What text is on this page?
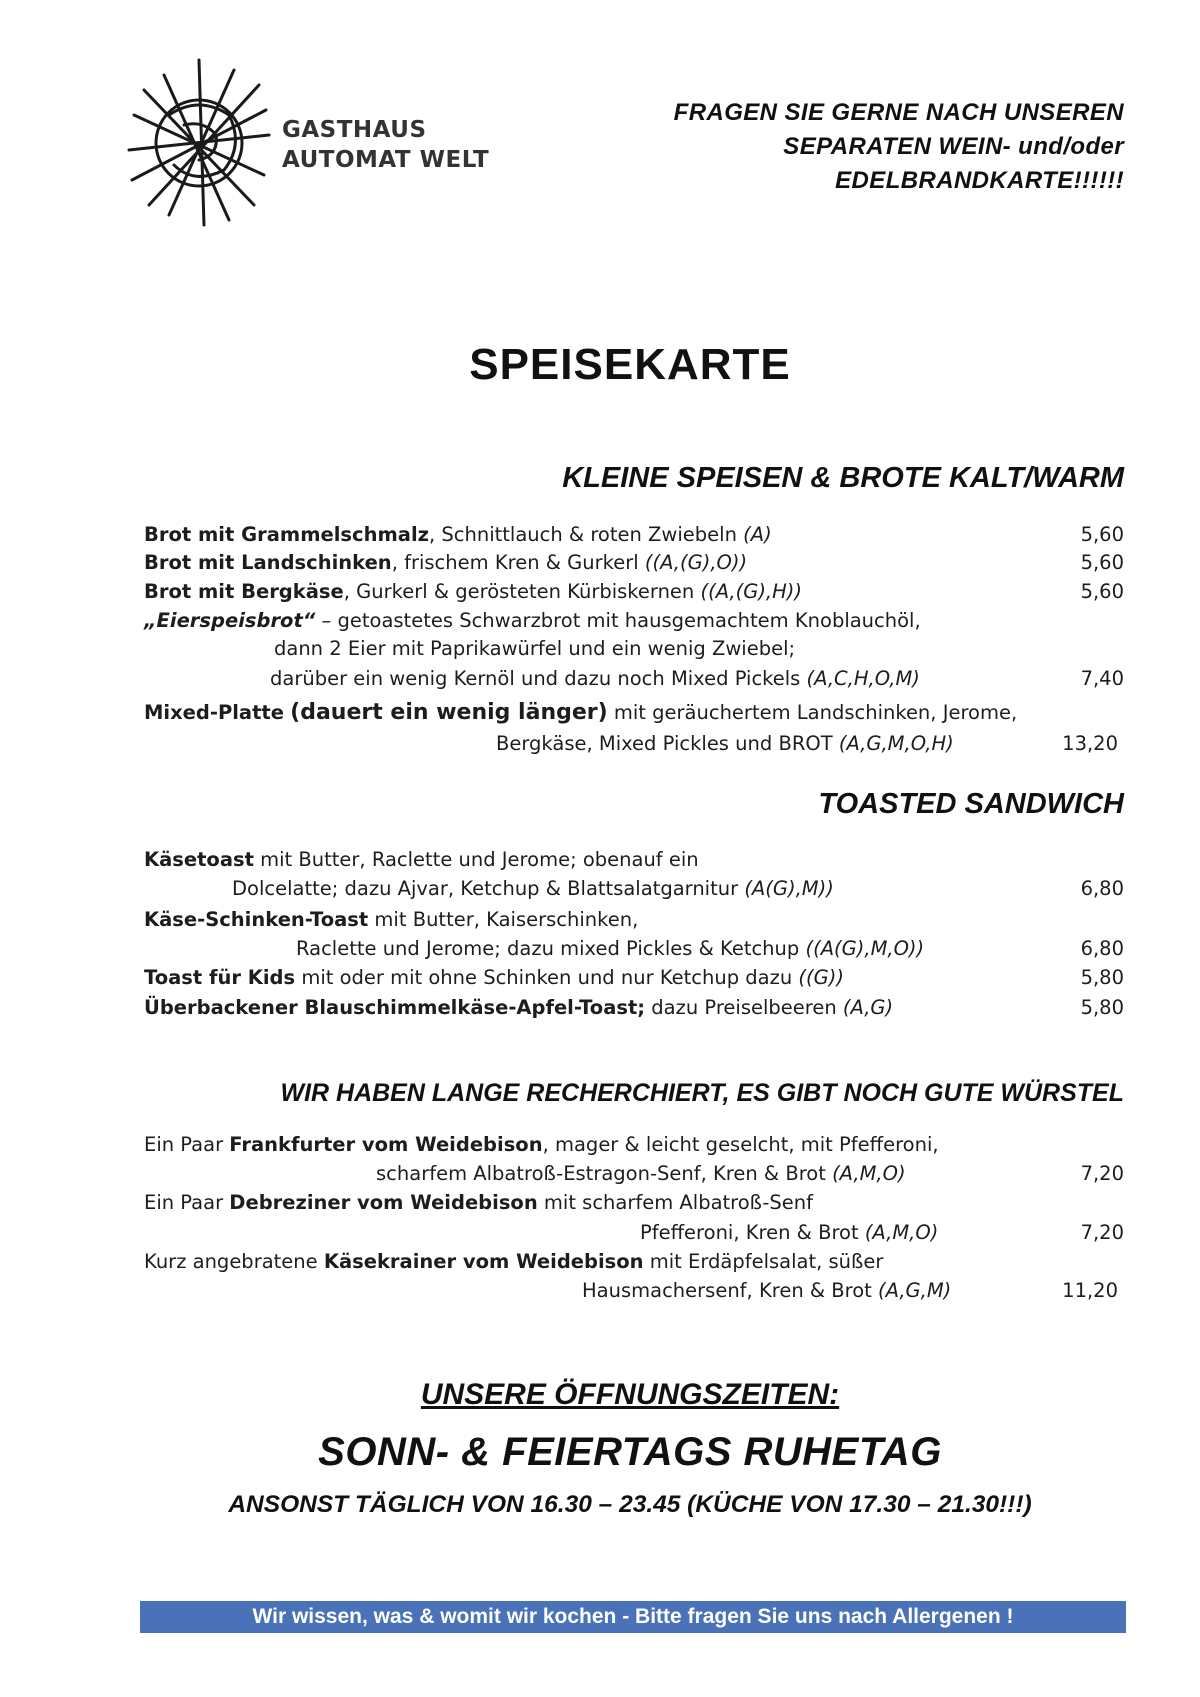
GASTHAUS
AUTOMAT WELT
FRAGEN SIE GERNE NACH UNSEREN
SEPARATEN WEIN- und/oder
EDELBRANDKARTE!!!!!!
SPEISEKARTE
KLEINE SPEISEN & BROTE KALT/WARM
Brot mit Grammelschmalz, Schnittlauch & roten Zwiebeln (A)	5,60
Brot mit Landschinken, frischem Kren & Gurkerl ((A,(G),O))	5,60
Brot mit Bergkäse, Gurkerl & gerösteten Kürbiskernen ((A,(G),H))	5,60
„Eierspeisbrot“ – getoastetes Schwarzbrot mit hausgemachtem Knoblauchöl,
dann 2 Eier mit Paprikawürfel und ein wenig Zwiebel;
darüber ein wenig Kernöl und dazu noch Mixed Pickels (A,C,H,O,M)	7,40
Mixed-Platte (dauert ein wenig länger) mit geräuchertem Landschinken, Jerome,
Bergkäse, Mixed Pickles und BROT (A,G,M,O,H)	13,20
TOASTED SANDWICH
Käsetoast mit Butter, Raclette und Jerome; obenauf ein
Dolcelatte; dazu Ajvar, Ketchup & Blattsalatgarnitur (A(G),M))	6,80
Käse-Schinken-Toast mit Butter, Kaiserschinken,
Raclette und Jerome; dazu mixed Pickles & Ketchup ((A(G),M,O))	6,80
Toast für Kids mit oder mit ohne Schinken und nur Ketchup dazu ((G))	5,80
Überbackener Blauschimmelkäse-Apfel-Toast; dazu Preiselbeeren (A,G)	5,80
WIR HABEN LANGE RECHERCHIERT, ES GIBT NOCH GUTE WÜRSTEL
Ein Paar Frankfurter vom Weidebison, mager & leicht geselcht, mit Pfefferoni,
scharfem Albatroß-Estragon-Senf, Kren & Brot (A,M,O)	7,20
Ein Paar Debreziner vom Weidebison mit scharfem Albatroß-Senf
Pfefferoni, Kren & Brot (A,M,O)	7,20
Kurz angebratene Käsekrainer vom Weidebison mit Erdäpfelsalat, süßer
Hausmachersenf, Kren & Brot (A,G,M)	11,20
UNSERE ÖFFNUNGSZEITEN:
SONN- & FEIERTAGS RUHETAG
ANSONST TÄGLICH VON 16.30 – 23.45 (KÜCHE VON 17.30 – 21.30!!!)
Wir wissen, was & womit wir kochen - Bitte fragen Sie uns nach Allergenen !
